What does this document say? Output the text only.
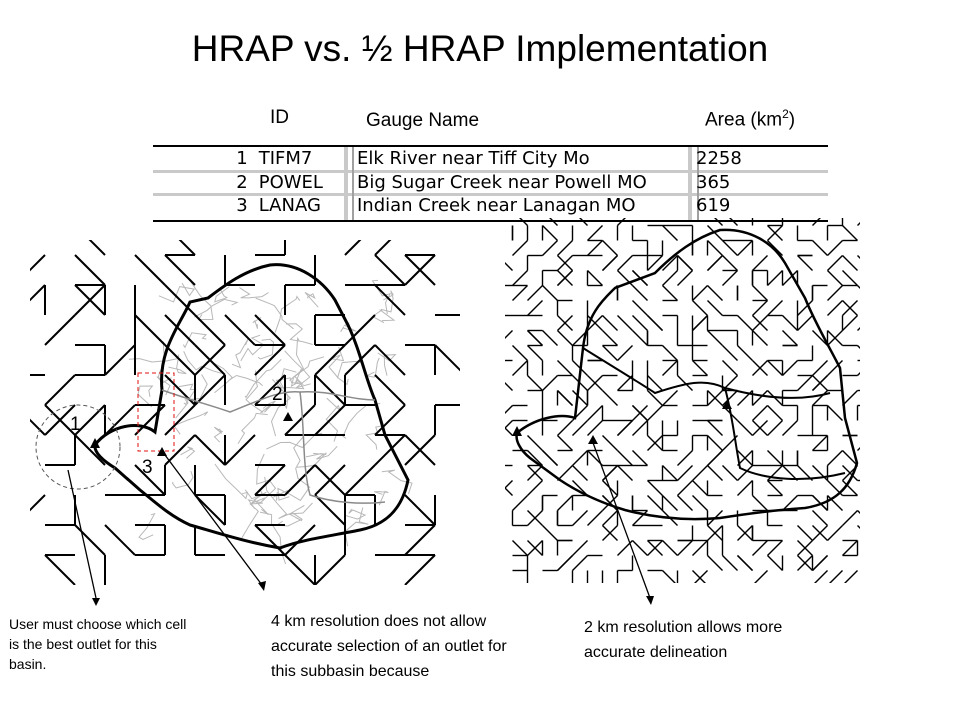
HRAP vs. ½ HRAP Implementation
ID	Gauge Name	Area $(km^2)$
1 TIFM7 Elk River near Tiff City Mo	2258
2 POWEL Big Sugar Creek near Powell MO	365
3 LANAG Indian Creek near Lanagan MO	619
1
2
3
User must choose which cell is the best outlet for this basin.
4 km resolution does not allow accurate selection of an outlet for this subbasin because
2 km resolution allows more accurate delineation
